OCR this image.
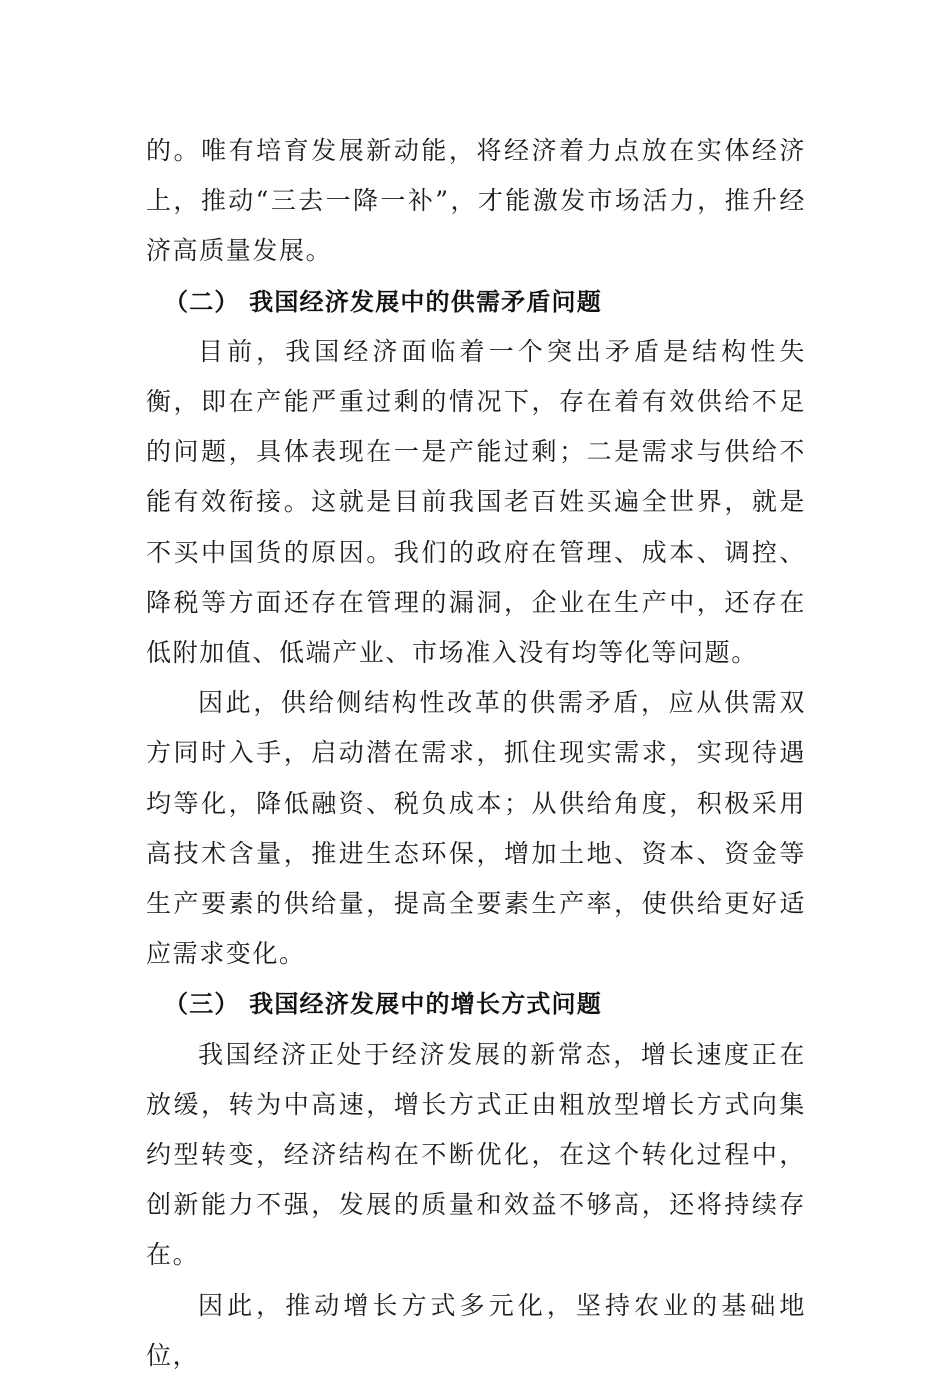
的。唯有培育发展新动能，将经济着力点放在实体经济上，推动“三去一降一补”，才能激发市场活力，推升经济高质量发展。

（二） 我国经济发展中的供需矛盾问题

目前，我国经济面临着一个突出矛盾是结构性失衡，即在产能严重过剩的情况下，存在着有效供给不足的问题，具体表现在一是产能过剩；二是需求与供给不能有效衔接。这就是目前我国老百姓买遍全世界，就是不买中国货的原因。我们的政府在管理、成本、调控、降税等方面还存在管理的漏洞，企业在生产中，还存在低附加值、低端产业、市场准入没有均等化等问题。

因此，供给侧结构性改革的供需矛盾，应从供需双方同时入手，启动潜在需求，抓住现实需求，实现待遇均等化，降低融资、税负成本；从供给角度，积极采用高技术含量，推进生态环保，增加土地、资本、资金等生产要素的供给量，提高全要素生产率，使供给更好适应需求变化。

（三） 我国经济发展中的增长方式问题

我国经济正处于经济发展的新常态，增长速度正在放缓，转为中高速，增长方式正由粗放型增长方式向集约型转变，经济结构在不断优化，在这个转化过程中，创新能力不强，发展的质量和效益不够高，还将持续存在。

因此，推动增长方式多元化，坚持农业的基础地位，
